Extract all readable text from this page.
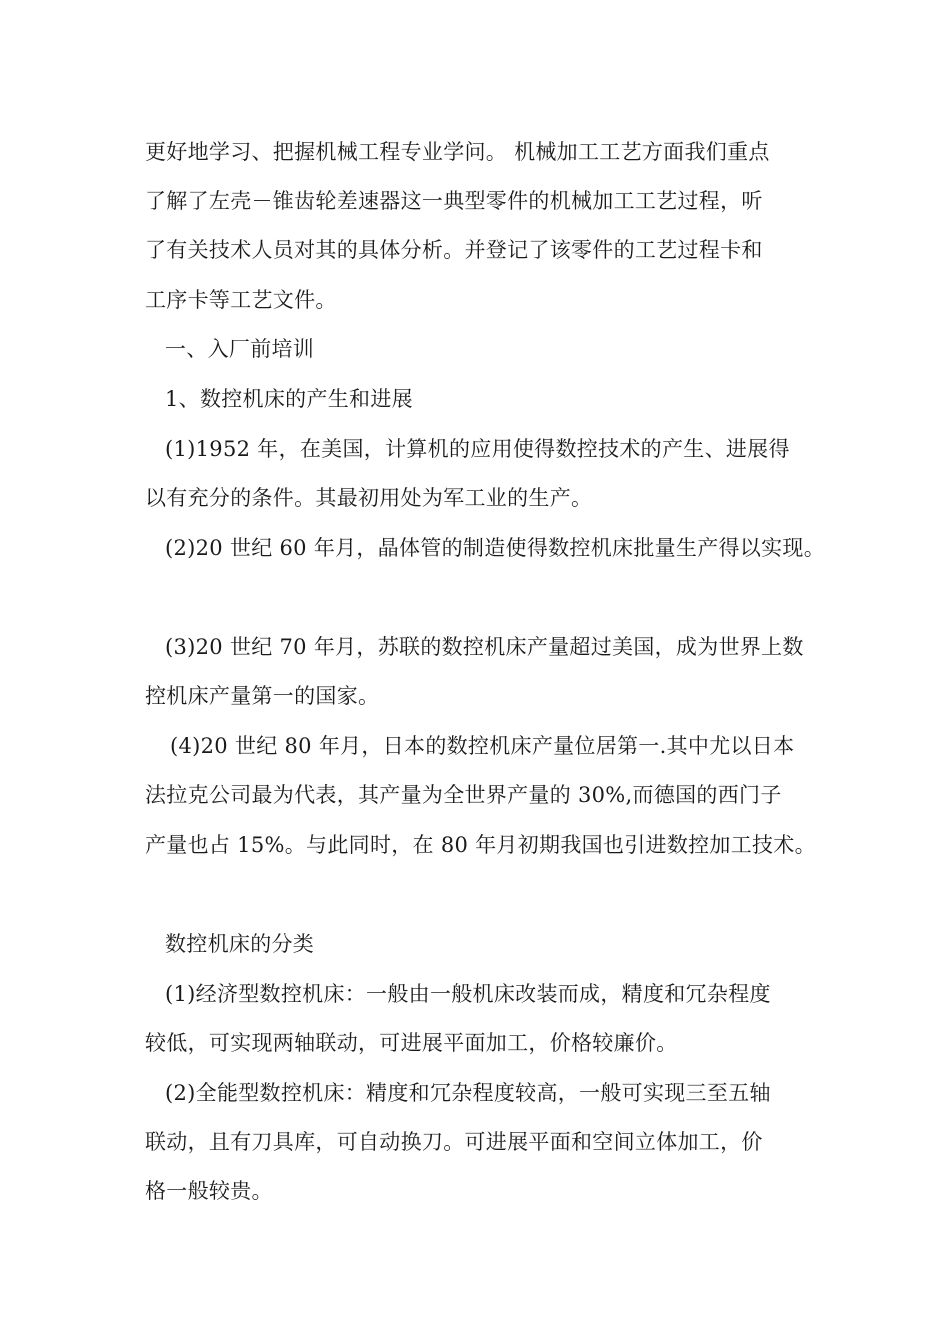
更好地学习、把握机械工程专业学问。 机械加工工艺方面我们重点
了解了左壳－锥齿轮差速器这一典型零件的机械加工工艺过程，听
了有关技术人员对其的具体分析。并登记了该零件的工艺过程卡和
工序卡等工艺文件。
一、入厂前培训
1、数控机床的产生和进展
(1)1952 年，在美国，计算机的应用使得数控技术的产生、进展得
以有充分的条件。其最初用处为军工业的生产。
(2)20 世纪 60 年月，晶体管的制造使得数控机床批量生产得以实现。
(3)20 世纪 70 年月，苏联的数控机床产量超过美国，成为世界上数
控机床产量第一的国家。
(4)20 世纪 80 年月，日本的数控机床产量位居第一.其中尤以日本
法拉克公司最为代表，其产量为全世界产量的 30%,而德国的西门子
产量也占 15%。与此同时，在 80 年月初期我国也引进数控加工技术。
数控机床的分类
(1)经济型数控机床：一般由一般机床改装而成，精度和冗杂程度
较低，可实现两轴联动，可进展平面加工，价格较廉价。
(2)全能型数控机床：精度和冗杂程度较高，一般可实现三至五轴
联动，且有刀具库，可自动换刀。可进展平面和空间立体加工，价
格一般较贵。
